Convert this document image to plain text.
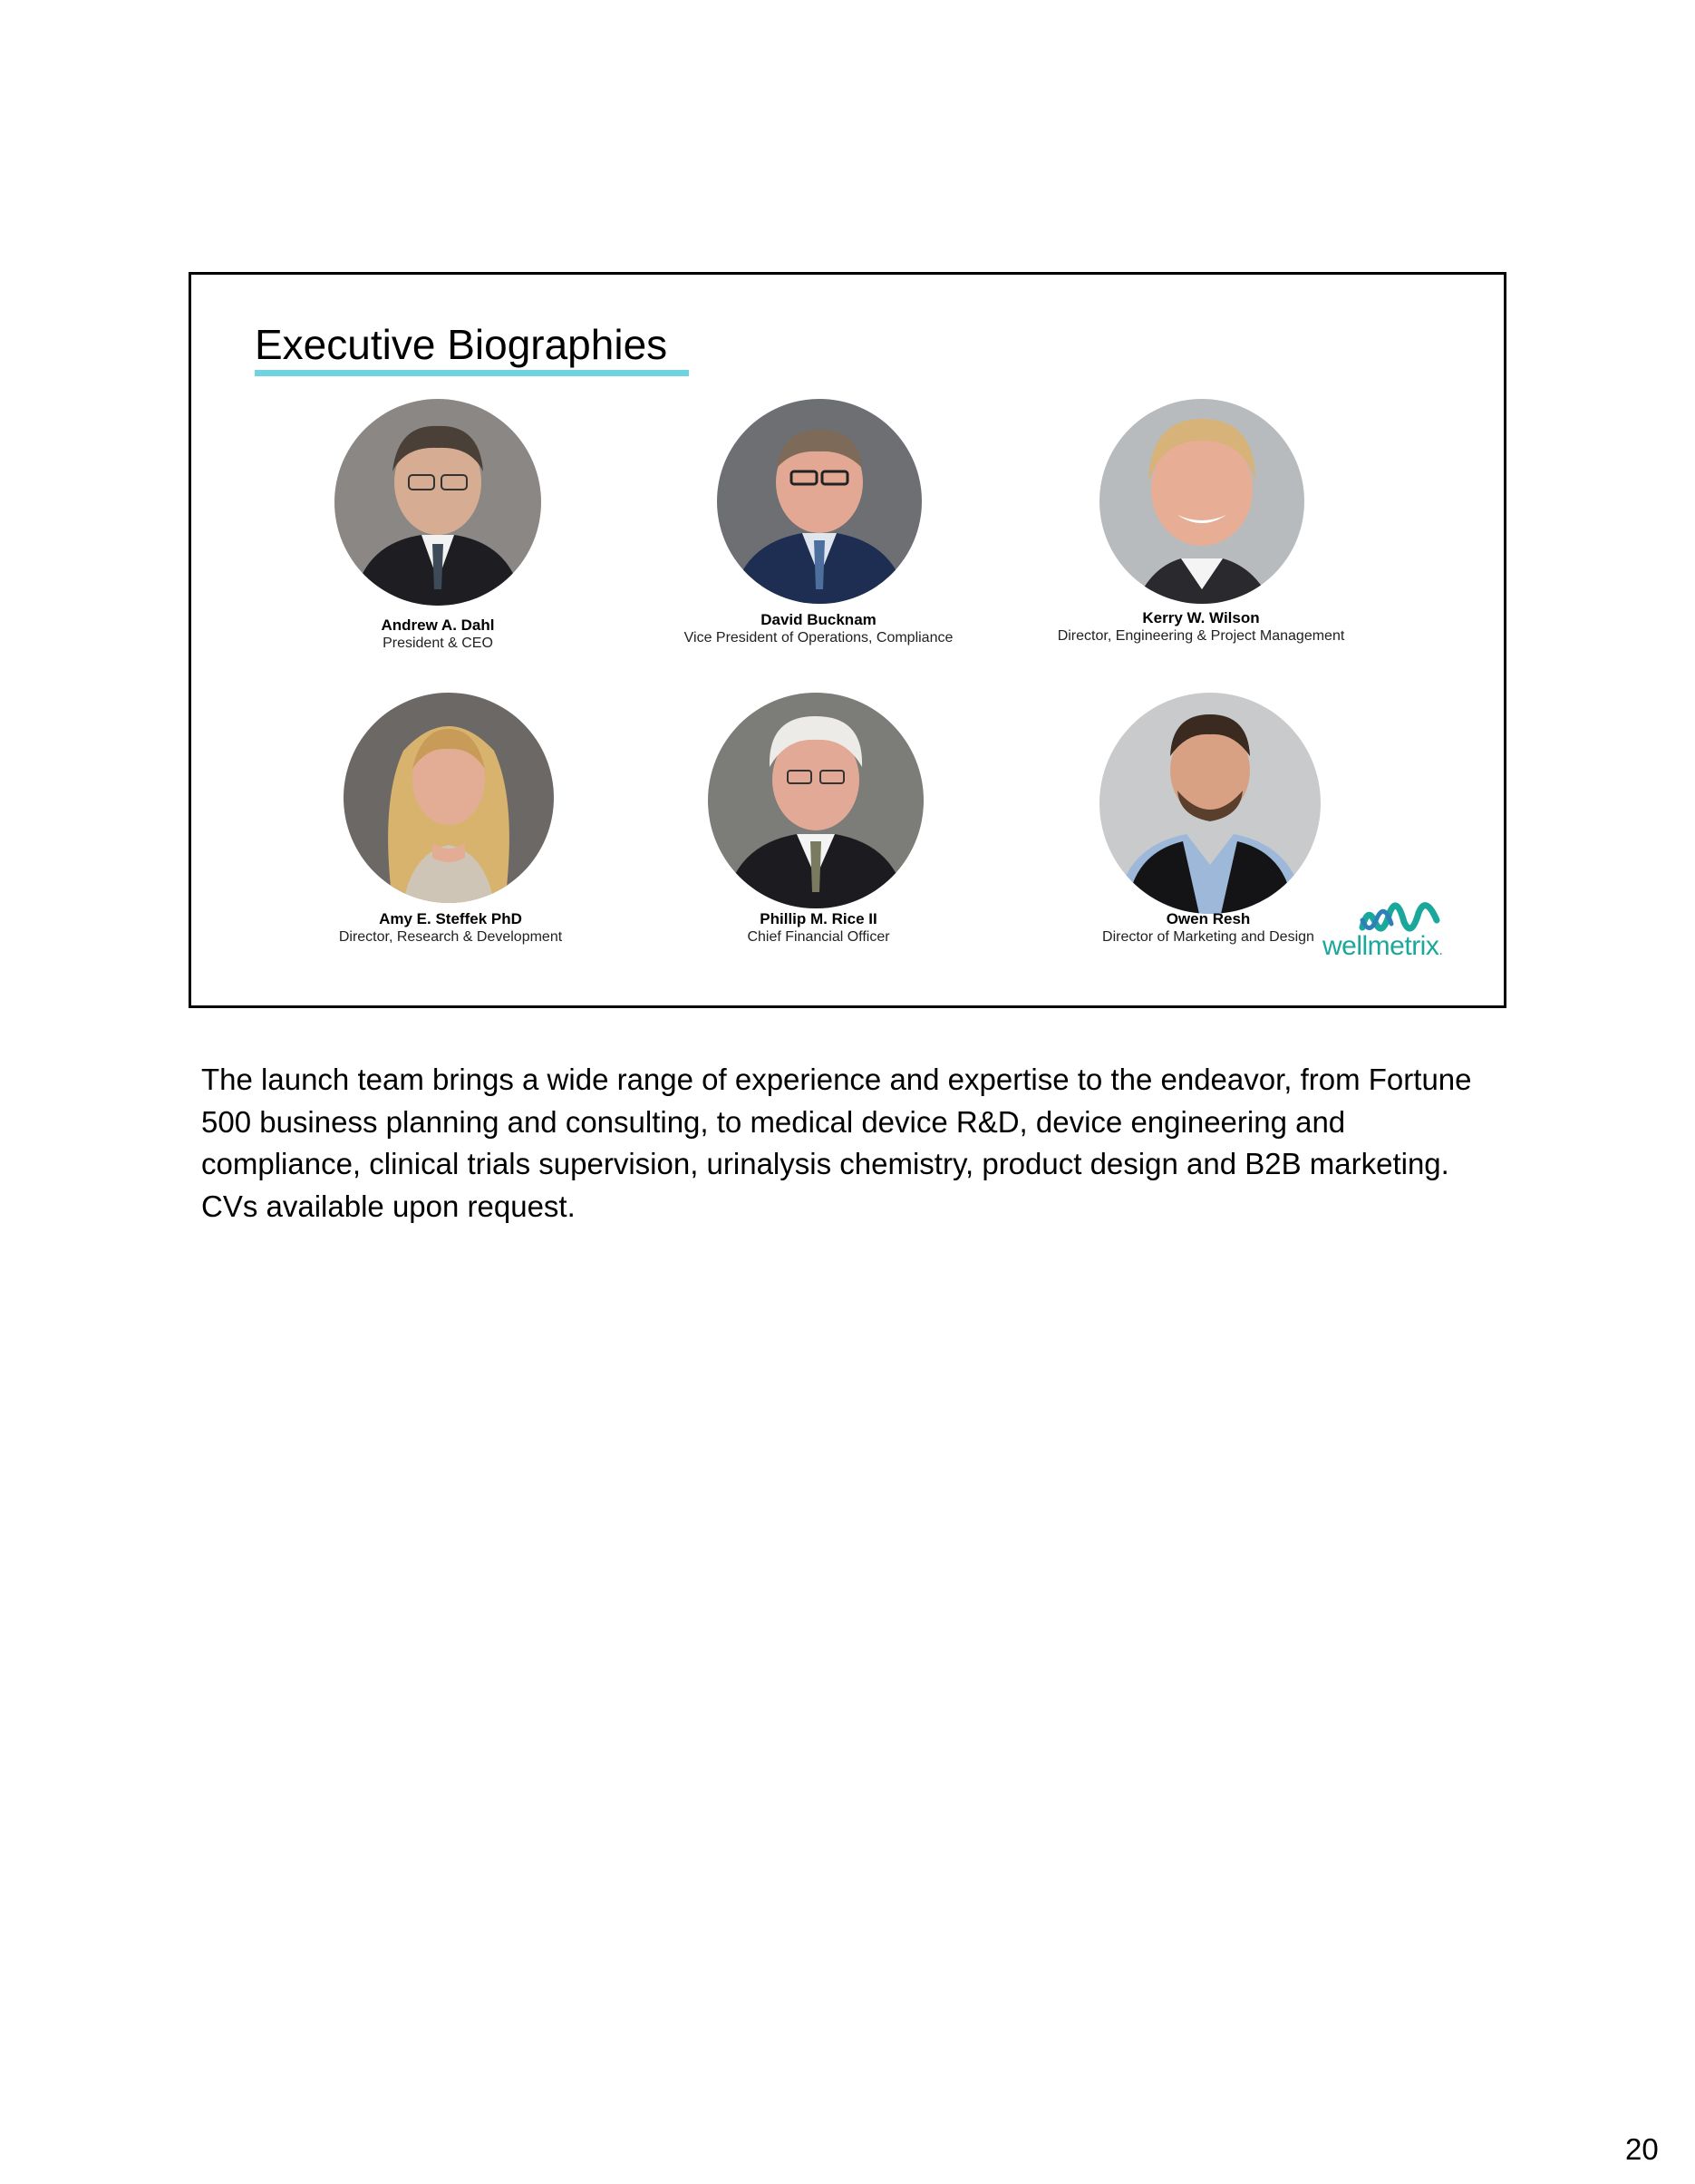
Executive Biographies
Andrew A. Dahl
President & CEO
David Bucknam
Vice President of Operations, Compliance
Kerry W. Wilson
Director, Engineering & Project Management
Amy E. Steffek PhD
Director, Research & Development
Phillip M. Rice II
Chief Financial Officer
Owen Resh
Director of Marketing and Design wellmetrix.

The launch team brings a wide range of experience and expertise to the endeavor, from Fortune 500 business planning and consulting, to medical device R&D, device engineering and compliance, clinical trials supervision, urinalysis chemistry, product design and B2B marketing. CVs available upon request.

20
